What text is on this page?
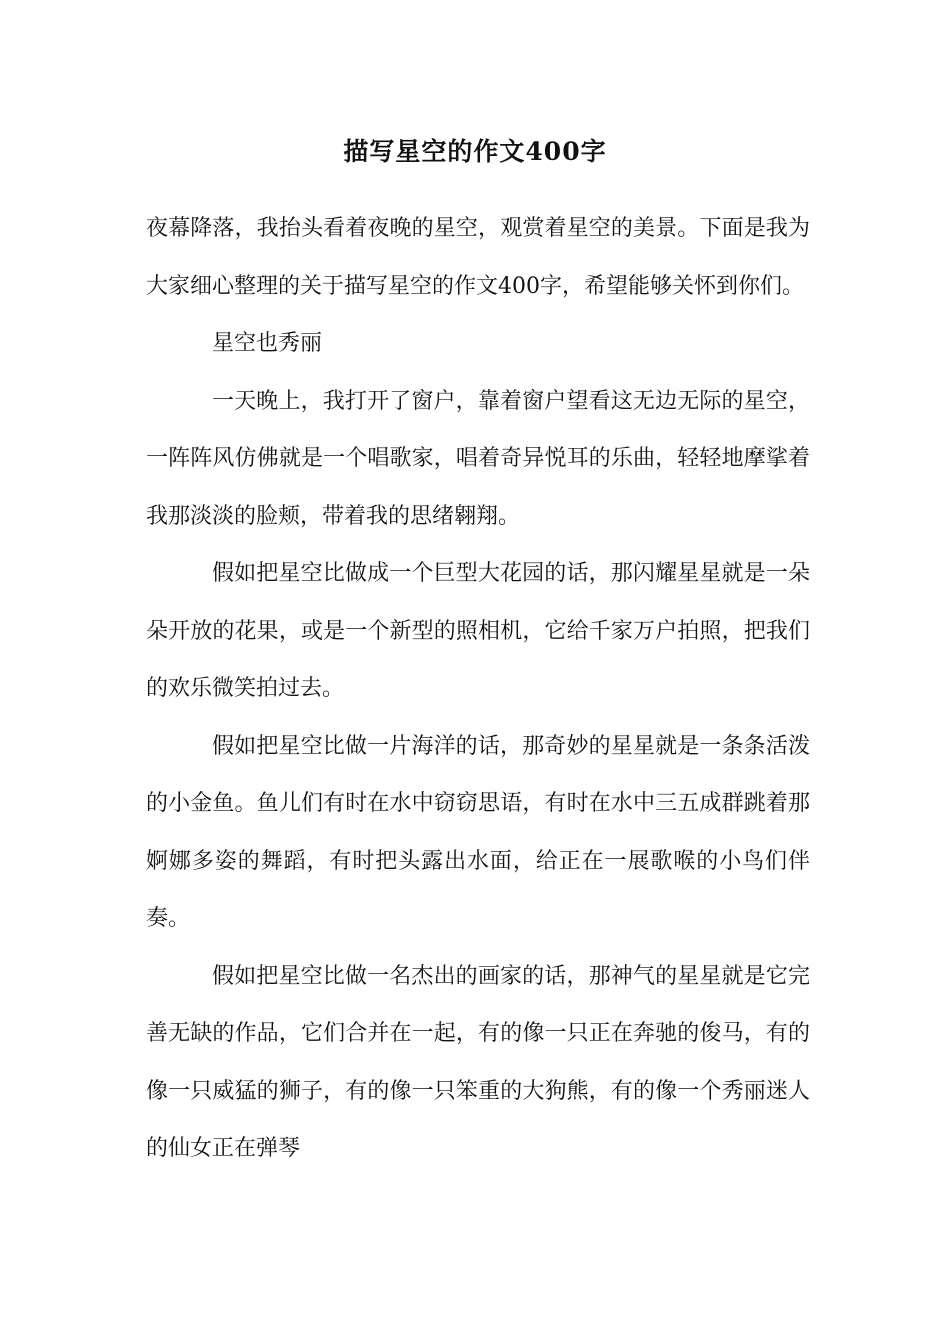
描写星空的作文400字

夜幕降落，我抬头看着夜晚的星空，观赏着星空的美景。下面是我为大家细心整理的关于描写星空的作文400字，希望能够关怀到你们。

星空也秀丽

一天晚上，我打开了窗户，靠着窗户望看这无边无际的星空，一阵阵风仿佛就是一个唱歌家，唱着奇异悦耳的乐曲，轻轻地摩挲着我那淡淡的脸颊，带着我的思绪翱翔。

假如把星空比做成一个巨型大花园的话，那闪耀星星就是一朵朵开放的花果，或是一个新型的照相机，它给千家万户拍照，把我们的欢乐微笑拍过去。

假如把星空比做一片海洋的话，那奇妙的星星就是一条条活泼的小金鱼。鱼儿们有时在水中窃窃思语，有时在水中三五成群跳着那婀娜多姿的舞蹈，有时把头露出水面，给正在一展歌喉的小鸟们伴奏。

假如把星空比做一名杰出的画家的话，那神气的星星就是它完善无缺的作品，它们合并在一起，有的像一只正在奔驰的俊马，有的像一只威猛的狮子，有的像一只笨重的大狗熊，有的像一个秀丽迷人的仙女正在弹琴
